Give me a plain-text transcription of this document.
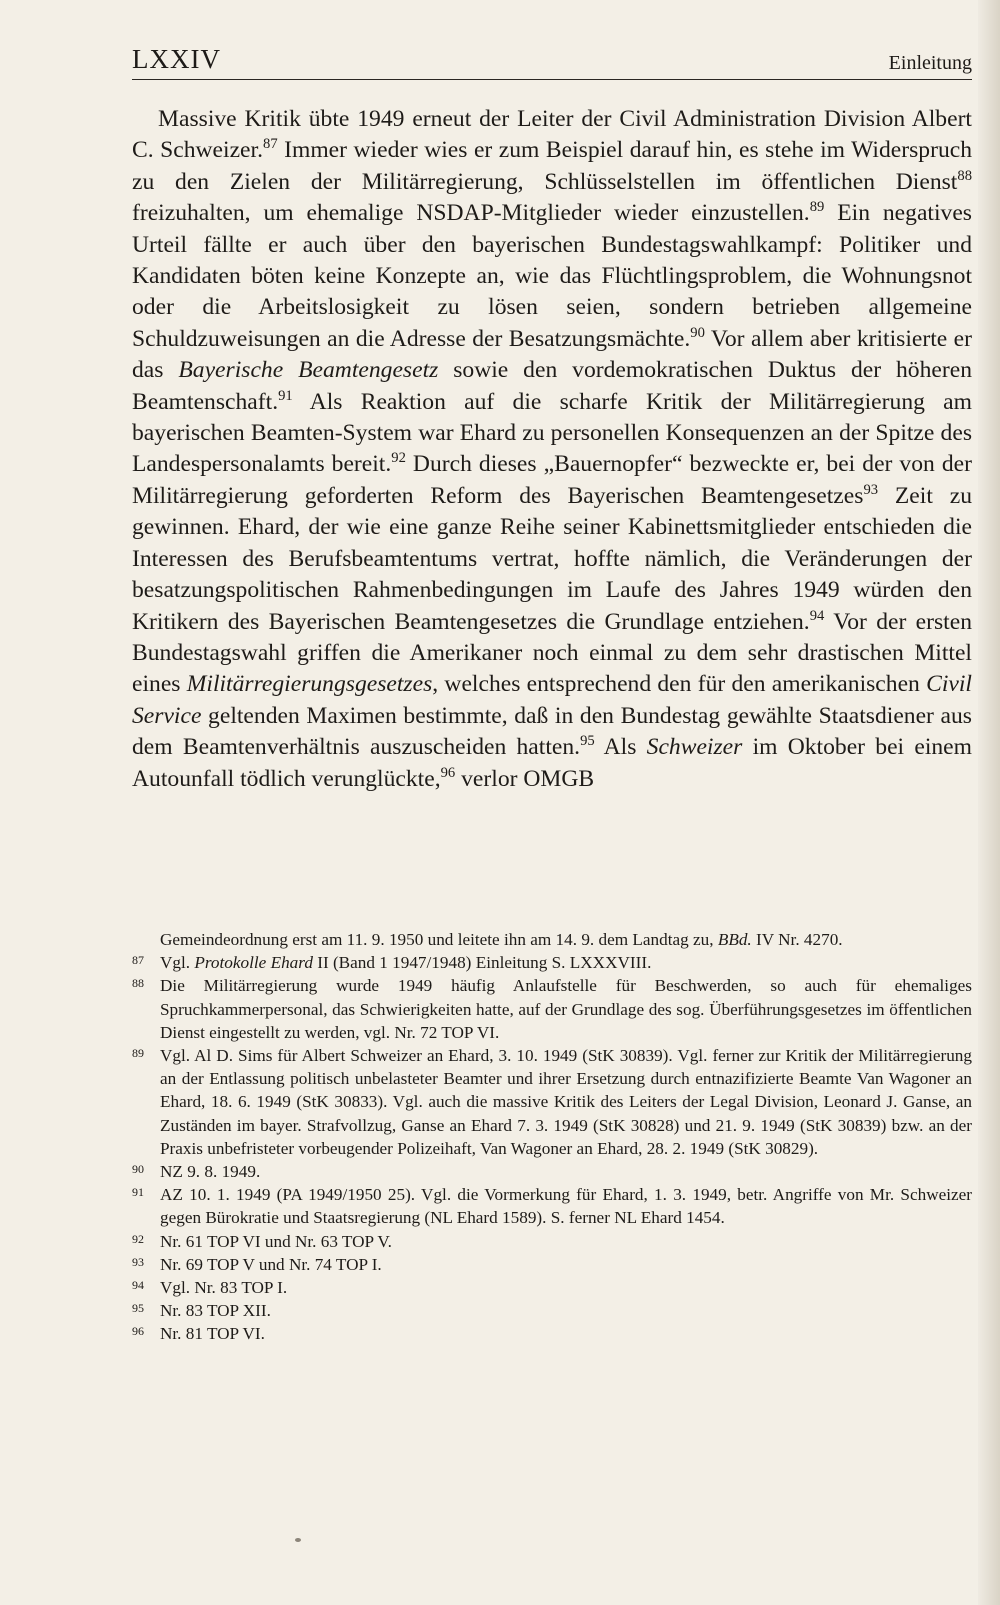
LXXIV	Einleitung

Massive Kritik übte 1949 erneut der Leiter der Civil Administration Division Albert C. Schweizer.$^{87}$ Immer wieder wies er zum Beispiel darauf hin, es stehe im Widerspruch zu den Zielen der Militärregierung, Schlüsselstellen im öffentlichen Dienst$^{88}$ freizuhalten, um ehemalige NSDAP-Mitglieder wieder einzustellen.$^{89}$ Ein negatives Urteil fällte er auch über den bayerischen Bundestagswahlkampf: Politiker und Kandidaten böten keine Konzepte an, wie das Flüchtlingsproblem, die Wohnungsnot oder die Arbeitslosigkeit zu lösen seien, sondern betrieben allgemeine Schuldzuweisungen an die Adresse der Besatzungsmächte.$^{90}$ Vor allem aber kritisierte er das Bayerische Beamtengesetz sowie den vordemokratischen Duktus der höheren Beamtenschaft.$^{91}$ Als Reaktion auf die scharfe Kritik der Militärregierung am bayerischen Beamten-System war Ehard zu personellen Konsequenzen an der Spitze des Landespersonalamts bereit.$^{92}$ Durch dieses „Bauernopfer“ bezweckte er, bei der von der Militärregierung geforderten Reform des Bayerischen Beamtengesetzes$^{93}$ Zeit zu gewinnen. Ehard, der wie eine ganze Reihe seiner Kabinettsmitglieder entschieden die Interessen des Berufsbeamtentums vertrat, hoffte nämlich, die Veränderungen der besatzungspolitischen Rahmenbedingungen im Laufe des Jahres 1949 würden den Kritikern des Bayerischen Beamtengesetzes die Grundlage entziehen.$^{94}$ Vor der ersten Bundestagswahl griffen die Amerikaner noch einmal zu dem sehr drastischen Mittel eines Militärregierungsgesetzes, welches entsprechend den für den amerikanischen Civil Service geltenden Maximen bestimmte, daß in den Bundestag gewählte Staatsdiener aus dem Beamtenverhältnis auszuscheiden hatten.$^{95}$ Als Schweizer im Oktober bei einem Autounfall tödlich verunglückte,$^{96}$ verlor OMGB

Gemeindeordnung erst am 11. 9. 1950 und leitete ihn am 14. 9. dem Landtag zu, BBd. IV Nr. 4270.

87 Vgl. Protokolle Ehard II (Band 1 1947/1948) Einleitung S. LXXXVIII.

88 Die Militärregierung wurde 1949 häufig Anlaufstelle für Beschwerden, so auch für ehemaliges Spruchkammerpersonal, das Schwierigkeiten hatte, auf der Grundlage des sog. Überführungsgesetzes im öffentlichen Dienst eingestellt zu werden, vgl. Nr. 72 TOP VI.

89 Vgl. Al D. Sims für Albert Schweizer an Ehard, 3. 10. 1949 (StK 30839). Vgl. ferner zur Kritik der Militärregierung an der Entlassung politisch unbelasteter Beamter und ihrer Ersetzung durch entnazifizierte Beamte Van Wagoner an Ehard, 18. 6. 1949 (StK 30833). Vgl. auch die massive Kritik des Leiters der Legal Division, Leonard J. Ganse, an Zuständen im bayer. Strafvollzug, Ganse an Ehard 7. 3. 1949 (StK 30828) und 21. 9. 1949 (StK 30839) bzw. an der Praxis unbefristeter vorbeugender Polizeihaft, Van Wagoner an Ehard, 28. 2. 1949 (StK 30829).

90 NZ 9. 8. 1949.

91 AZ 10. 1. 1949 (PA 1949/1950 25). Vgl. die Vormerkung für Ehard, 1. 3. 1949, betr. Angriffe von Mr. Schweizer gegen Bürokratie und Staatsregierung (NL Ehard 1589). S. ferner NL Ehard 1454.

92 Nr. 61 TOP VI und Nr. 63 TOP V.

93 Nr. 69 TOP V und Nr. 74 TOP I.

94 Vgl. Nr. 83 TOP I.

95 Nr. 83 TOP XII.

96 Nr. 81 TOP VI.
